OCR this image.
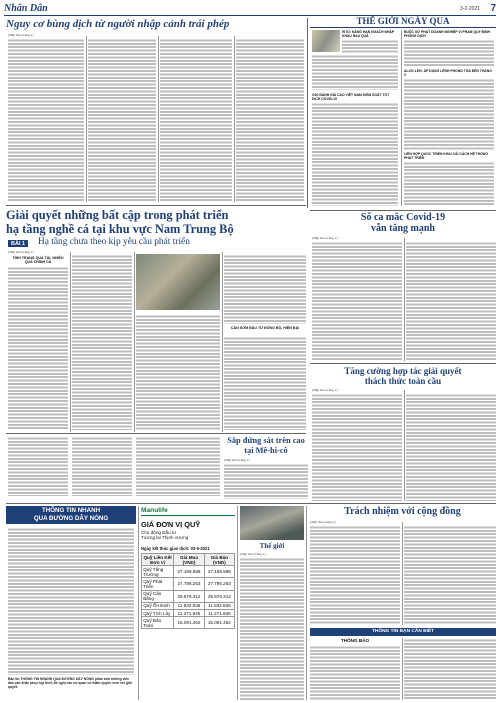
Nhân Dân	3-2-2021 7
Nguy cơ bùng dịch từ người nhập cảnh trái phép
(Tiếp theo trang 1)
THẾ GIỚI NGÀY QUA
WTO: NÂNG HẠN NGẠCH NHẬP KHẨU RAU QUẢ
G20 ĐÁNH GIÁ CAO VIỆT NAM KIỂM SOÁT TỐT DỊCH COVID-19
BUỘC XỬ PHẠT DOANH NGHIỆP VI PHẠM QUY ĐỊNH PHÒNG DỊCH
AI-XƠ-LEN: ÁP DỤNG LỆNH PHONG TỎA ĐẾN THÁNG 3
LIÊN HỢP QUỐC TRIỂN KHAI CẢI CÁCH HỆ THỐNG PHÁT TRIỂN
Số ca mắc Covid-19
vẫn tăng mạnh
(Tiếp theo trang 1)
Giải quyết những bất cập trong phát triển
hạ tầng nghề cá tại khu vực Nam Trung Bộ
BÀI 1	Hạ tầng chưa theo kịp yêu cầu phát triển
(Tiếp theo trang 1)
TÌNH TRẠNG QUÁ TẢI, NHIỄU QUÁ CHÍNH CẢ
CẦN SỚM ĐẦU TƯ ĐỒNG BỘ, HIỆN ĐẠI
Sắp đứng sát trên cao
tại Mê-hi-cô
Tăng cường hợp tác giải quyết
thách thức toàn cầu
(Tiếp theo trang 1)
(Tiếp theo trang 1)
THÔNG TIN NHANH
QUA ĐƯỜNG DÂY NÓNG
Bản tin THÔNG TIN NHANH QUA ĐƯỜNG DÂY NÓNG phản ánh những việc làm cần khắc phục kịp thời, đề nghị các cơ quan có thẩm quyền xem xét giải quyết.
Manulife
GIÁ ĐƠN VỊ QUỸ
Chủ động Đầu tư
Tương lai Thịnh vượng
Ngày kết thúc giao dịch: 03-5-2021
Quỹ Liên Kết Đơn Vị	Giá Mua (VND)	Giá Bán (VND)
Quỹ Tăng Trưởng	27.188.588	27.188.588
Quỹ Phát Triển	27.796.263	27.796.263
Quỹ Cân Bằng	29.576.312	29.576.312
Quỹ Ổn Định	11.832.836	11.832.836
Quỹ Tích Lũy	11.271.945	11.271.945
Quỹ Bảo Toàn	15.091.462	15.091.462
Thế giới
(Tiếp theo trang 1)
Trách nhiệm với cộng đồng
(Tiếp theo trang 1)
THÔNG TIN BẠN CẦN BIẾT
THÔNG BÁO
